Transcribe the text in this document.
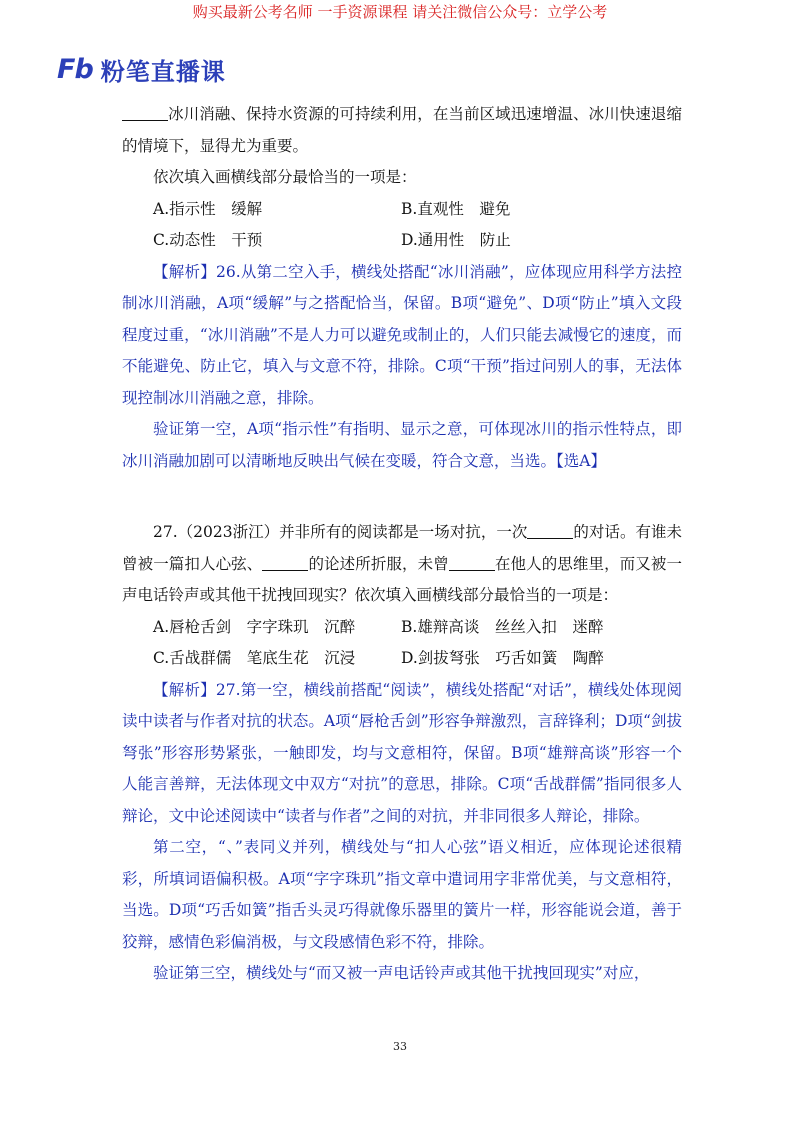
购买最新公考名师 一手资源课程 请关注微信公众号：立学公考
Fb 粉笔直播课

冰川消融、保持水资源的可持续利用，在当前区域迅速增温、冰川快速退缩的情境下，显得尤为重要。

依次填入画横线部分最恰当的一项是：

A.指示性　缓解	B.直观性　避免
C.动态性　干预	D.通用性　防止

【解析】26.从第二空入手，横线处搭配“冰川消融”，应体现应用科学方法控制冰川消融，A项“缓解”与之搭配恰当，保留。B项“避免”、D项“防止”填入文段程度过重，“冰川消融”不是人力可以避免或制止的，人们只能去减慢它的速度，而不能避免、防止它，填入与文意不符，排除。C项“干预”指过问别人的事，无法体现控制冰川消融之意，排除。

验证第一空，A项“指示性”有指明、显示之意，可体现冰川的指示性特点，即冰川消融加剧可以清晰地反映出气候在变暖，符合文意，当选。【选A】

27.（2023浙江）并非所有的阅读都是一场对抗，一次	的对话。有谁未曾被一篇扣人心弦、	的论述所折服，未曾	在他人的思维里，而又被一声电话铃声或其他干扰拽回现实？依次填入画横线部分最恰当的一项是：

A.唇枪舌剑　字字珠玑　沉醉	B.雄辩高谈　丝丝入扣　迷醉
C.舌战群儒　笔底生花　沉浸	D.剑拔弩张　巧舌如簧　陶醉

【解析】27.第一空，横线前搭配“阅读”，横线处搭配“对话”，横线处体现阅读中读者与作者对抗的状态。A项“唇枪舌剑”形容争辩激烈，言辞锋利；D项“剑拔弩张”形容形势紧张，一触即发，均与文意相符，保留。B项“雄辩高谈”形容一个人能言善辩，无法体现文中双方“对抗”的意思，排除。C项“舌战群儒”指同很多人辩论，文中论述阅读中“读者与作者”之间的对抗，并非同很多人辩论，排除。

第二空，“、”表同义并列，横线处与“扣人心弦”语义相近，应体现论述很精彩，所填词语偏积极。A项“字字珠玑”指文章中遣词用字非常优美，与文意相符，当选。D项“巧舌如簧”指舌头灵巧得就像乐器里的簧片一样，形容能说会道，善于狡辩，感情色彩偏消极，与文段感情色彩不符，排除。

验证第三空，横线处与“而又被一声电话铃声或其他干扰拽回现实”对应，

33
